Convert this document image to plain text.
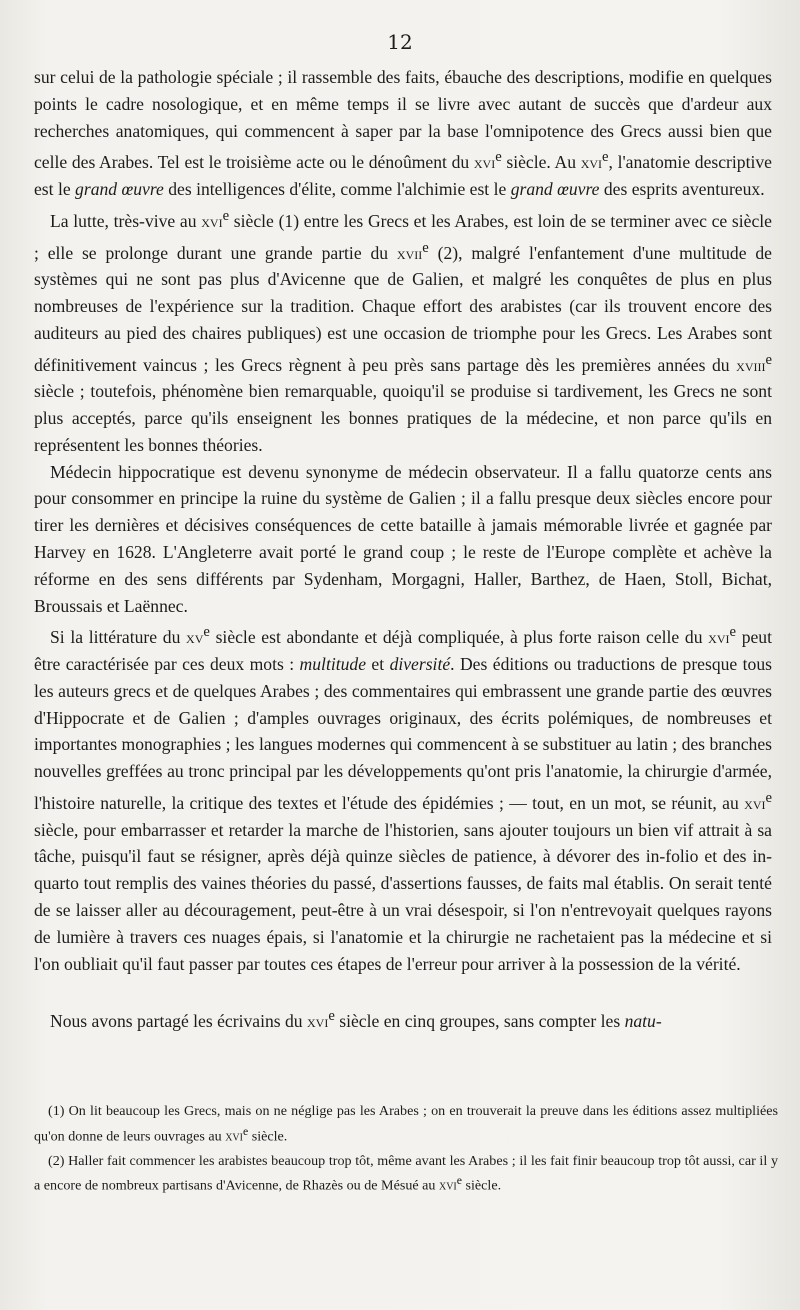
12

sur celui de la pathologie spéciale ; il rassemble des faits, ébauche des descriptions, modifie en quelques points le cadre nosologique, et en même temps il se livre avec autant de succès que d'ardeur aux recherches anatomiques, qui commencent à saper par la base l'omnipotence des Grecs aussi bien que celle des Arabes. Tel est le troisième acte ou le dénoûment du xvi$^e$ siècle. Au xvi$^e$, l'anatomie descriptive est le grand œuvre des intelligences d'élite, comme l'alchimie est le grand œuvre des esprits aventureux.

La lutte, très-vive au xvi$^e$ siècle (1) entre les Grecs et les Arabes, est loin de se terminer avec ce siècle ; elle se prolonge durant une grande partie du xvii$^e$ (2), malgré l'enfantement d'une multitude de systèmes qui ne sont pas plus d'Avicenne que de Galien, et malgré les conquêtes de plus en plus nombreuses de l'expérience sur la tradition. Chaque effort des arabistes (car ils trouvent encore des auditeurs au pied des chaires publiques) est une occasion de triomphe pour les Grecs. Les Arabes sont définitivement vaincus ; les Grecs règnent à peu près sans partage dès les premières années du xviii$^e$ siècle ; toutefois, phénomène bien remarquable, quoiqu'il se produise si tardivement, les Grecs ne sont plus acceptés, parce qu'ils enseignent les bonnes pratiques de la médecine, et non parce qu'ils en représentent les bonnes théories.

Médecin hippocratique est devenu synonyme de médecin observateur. Il a fallu quatorze cents ans pour consommer en principe la ruine du système de Galien ; il a fallu presque deux siècles encore pour tirer les dernières et décisives conséquences de cette bataille à jamais mémorable livrée et gagnée par Harvey en 1628. L'Angleterre avait porté le grand coup ; le reste de l'Europe complète et achève la réforme en des sens différents par Sydenham, Morgagni, Haller, Barthez, de Haen, Stoll, Bichat, Broussais et Laënnec.

Si la littérature du $xv^e$ siècle est abondante et déjà compliquée, à plus forte raison celle du xvi$^e$ peut être caractérisée par ces deux mots : multitude et diversité. Des éditions ou traductions de presque tous les auteurs grecs et de quelques Arabes ; des commentaires qui embrassent une grande partie des œuvres d'Hippocrate et de Galien ; d'amples ouvrages originaux, des écrits polémiques, de nombreuses et importantes monographies ; les langues modernes qui commencent à se substituer au latin ; des branches nouvelles greffées au tronc principal par les développements qu'ont pris l'anatomie, la chirurgie d'armée, l'histoire naturelle, la critique des textes et l'étude des épidémies ; — tout, en un mot, se réunit, au xvi$^e$ siècle, pour embarrasser et retarder la marche de l'historien, sans ajouter toujours un bien vif attrait à sa tâche, puisqu'il faut se résigner, après déjà quinze siècles de patience, à dévorer des in-folio et des in-quarto tout remplis des vaines théories du passé, d'assertions fausses, de faits mal établis. On serait tenté de se laisser aller au découragement, peut-être à un vrai désespoir, si l'on n'entrevoyait quelques rayons de lumière à travers ces nuages épais, si l'anatomie et la chirurgie ne rachetaient pas la médecine et si l'on oubliait qu'il faut passer par toutes ces étapes de l'erreur pour arriver à la possession de la vérité.

Nous avons partagé les écrivains du xvi$^e$ siècle en cinq groupes, sans compter les natu-

(1) On lit beaucoup les Grecs, mais on ne néglige pas les Arabes ; on en trouverait la preuve dans les éditions assez multipliées qu'on donne de leurs ouvrages au xvi$^e$ siècle.

(2) Haller fait commencer les arabistes beaucoup trop tôt, même avant les Arabes ; il les fait finir beaucoup trop tôt aussi, car il y a encore de nombreux partisans d'Avicenne, de Rhazès ou de Mésué au xvi$^e$ siècle.
